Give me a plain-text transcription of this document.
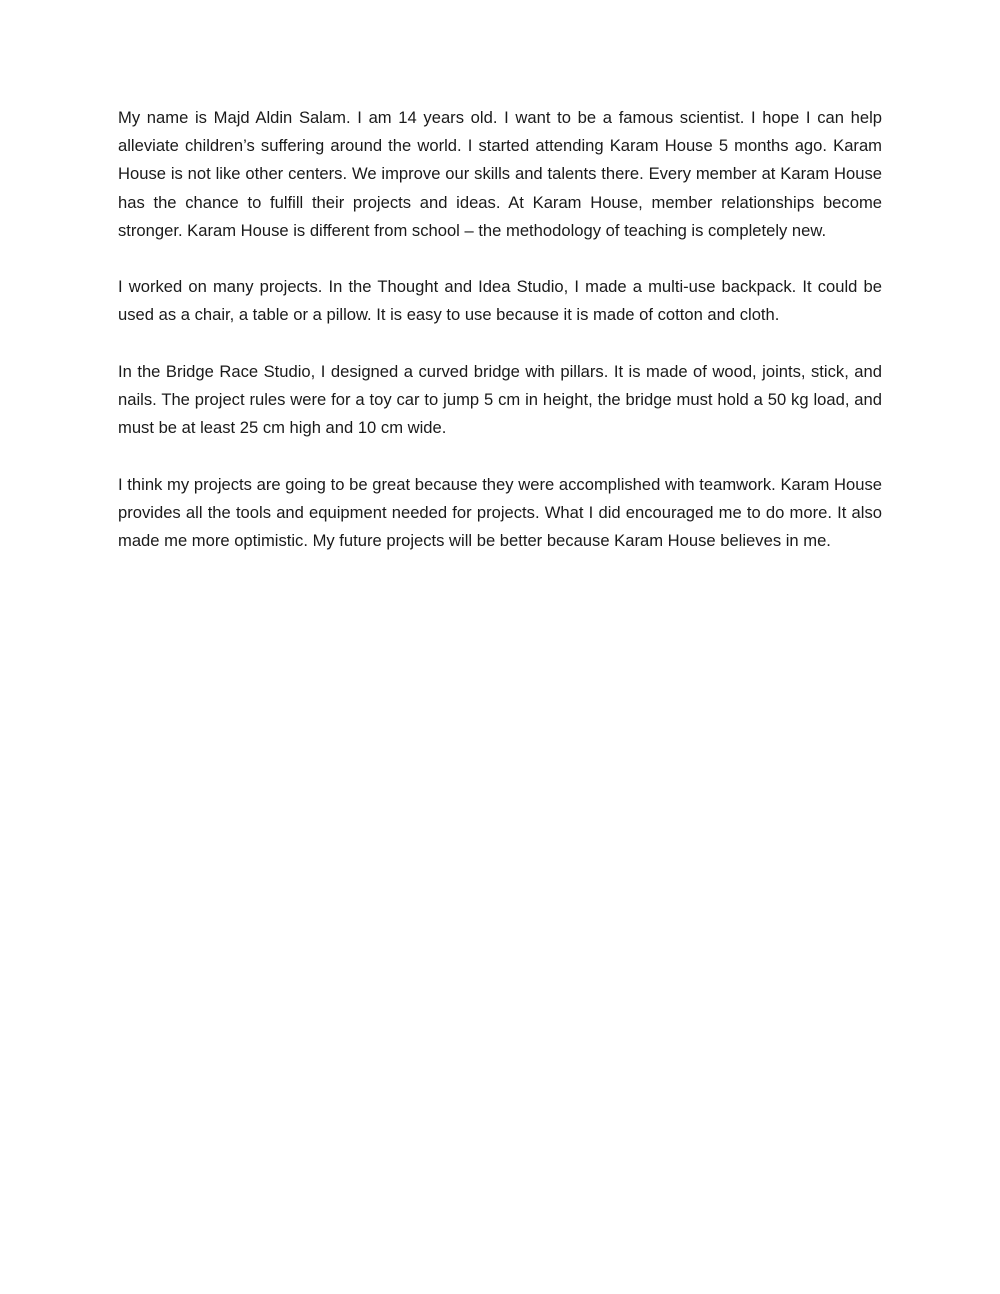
My name is Majd Aldin Salam. I am 14 years old. I want to be a famous scientist. I hope I can help alleviate children’s suffering around the world. I started attending Karam House 5 months ago. Karam House is not like other centers. We improve our skills and talents there. Every member at Karam House has the chance to fulfill their projects and ideas. At Karam House, member relationships become stronger. Karam House is different from school – the methodology of teaching is completely new.

I worked on many projects. In the Thought and Idea Studio, I made a multi-use backpack. It could be used as a chair, a table or a pillow. It is easy to use because it is made of cotton and cloth.

In the Bridge Race Studio, I designed a curved bridge with pillars. It is made of wood, joints, stick, and nails. The project rules were for a toy car to jump 5 cm in height, the bridge must hold a 50 kg load, and must be at least 25 cm high and 10 cm wide.

I think my projects are going to be great because they were accomplished with teamwork. Karam House provides all the tools and equipment needed for projects. What I did encouraged me to do more. It also made me more optimistic. My future projects will be better because Karam House believes in me.
